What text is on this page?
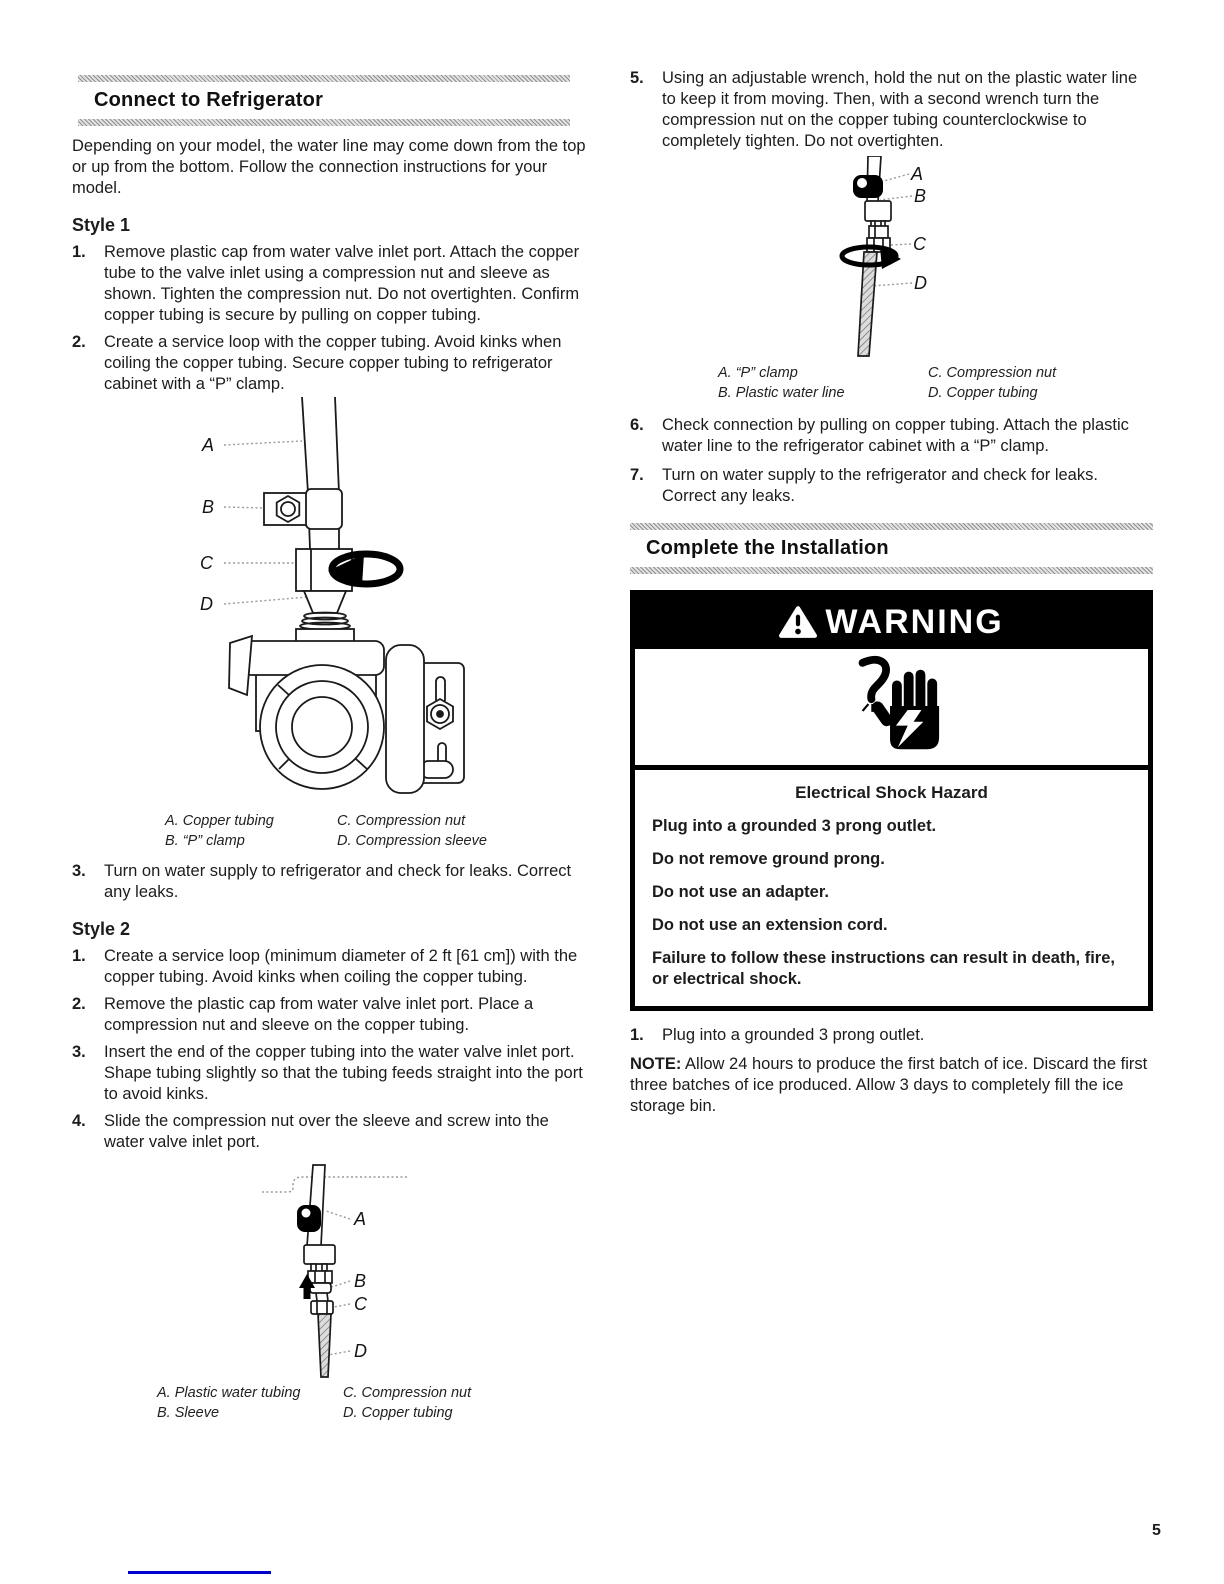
Connect to Refrigerator

Depending on your model, the water line may come down from the top or up from the bottom. Follow the connection instructions for your model.

Style 1
1.	Remove plastic cap from water valve inlet port. Attach the copper tube to the valve inlet using a compression nut and sleeve as shown. Tighten the compression nut. Do not overtighten. Confirm copper tubing is secure by pulling on copper tubing.
2.	Create a service loop with the copper tubing. Avoid kinks when coiling the copper tubing. Secure copper tubing to refrigerator cabinet with a “P” clamp.
A
B
C
D
A. Copper tubing
B. “P” clamp
C. Compression nut
D. Compression sleeve
3.	Turn on water supply to refrigerator and check for leaks. Correct any leaks.
Style 2
1.	Create a service loop (minimum diameter of 2 ft [61 cm]) with the copper tubing. Avoid kinks when coiling the copper tubing.
2.	Remove the plastic cap from water valve inlet port. Place a compression nut and sleeve on the copper tubing.
3.	Insert the end of the copper tubing into the water valve inlet port. Shape tubing slightly so that the tubing feeds straight into the port to avoid kinks.
4.	Slide the compression nut over the sleeve and screw into the water valve inlet port.
A
B
C
D
A. Plastic water tubing
B. Sleeve
C. Compression nut
D. Copper tubing
5.	Using an adjustable wrench, hold the nut on the plastic water line to keep it from moving. Then, with a second wrench turn the compression nut on the copper tubing counterclockwise to completely tighten. Do not overtighten.
A
B
C
D
A. “P” clamp
B. Plastic water line
C. Compression nut
D. Copper tubing
6.	Check connection by pulling on copper tubing. Attach the plastic water line to the refrigerator cabinet with a “P” clamp.
7.	Turn on water supply to the refrigerator and check for leaks. Correct any leaks.
Complete the Installation
WARNING
Electrical Shock Hazard
Plug into a grounded 3 prong outlet.
Do not remove ground prong.
Do not use an adapter.
Do not use an extension cord.
Failure to follow these instructions can result in death, fire, or electrical shock.
1.	Plug into a grounded 3 prong outlet.

NOTE: Allow 24 hours to produce the first batch of ice. Discard the first three batches of ice produced. Allow 3 days to completely fill the ice storage bin.

5
